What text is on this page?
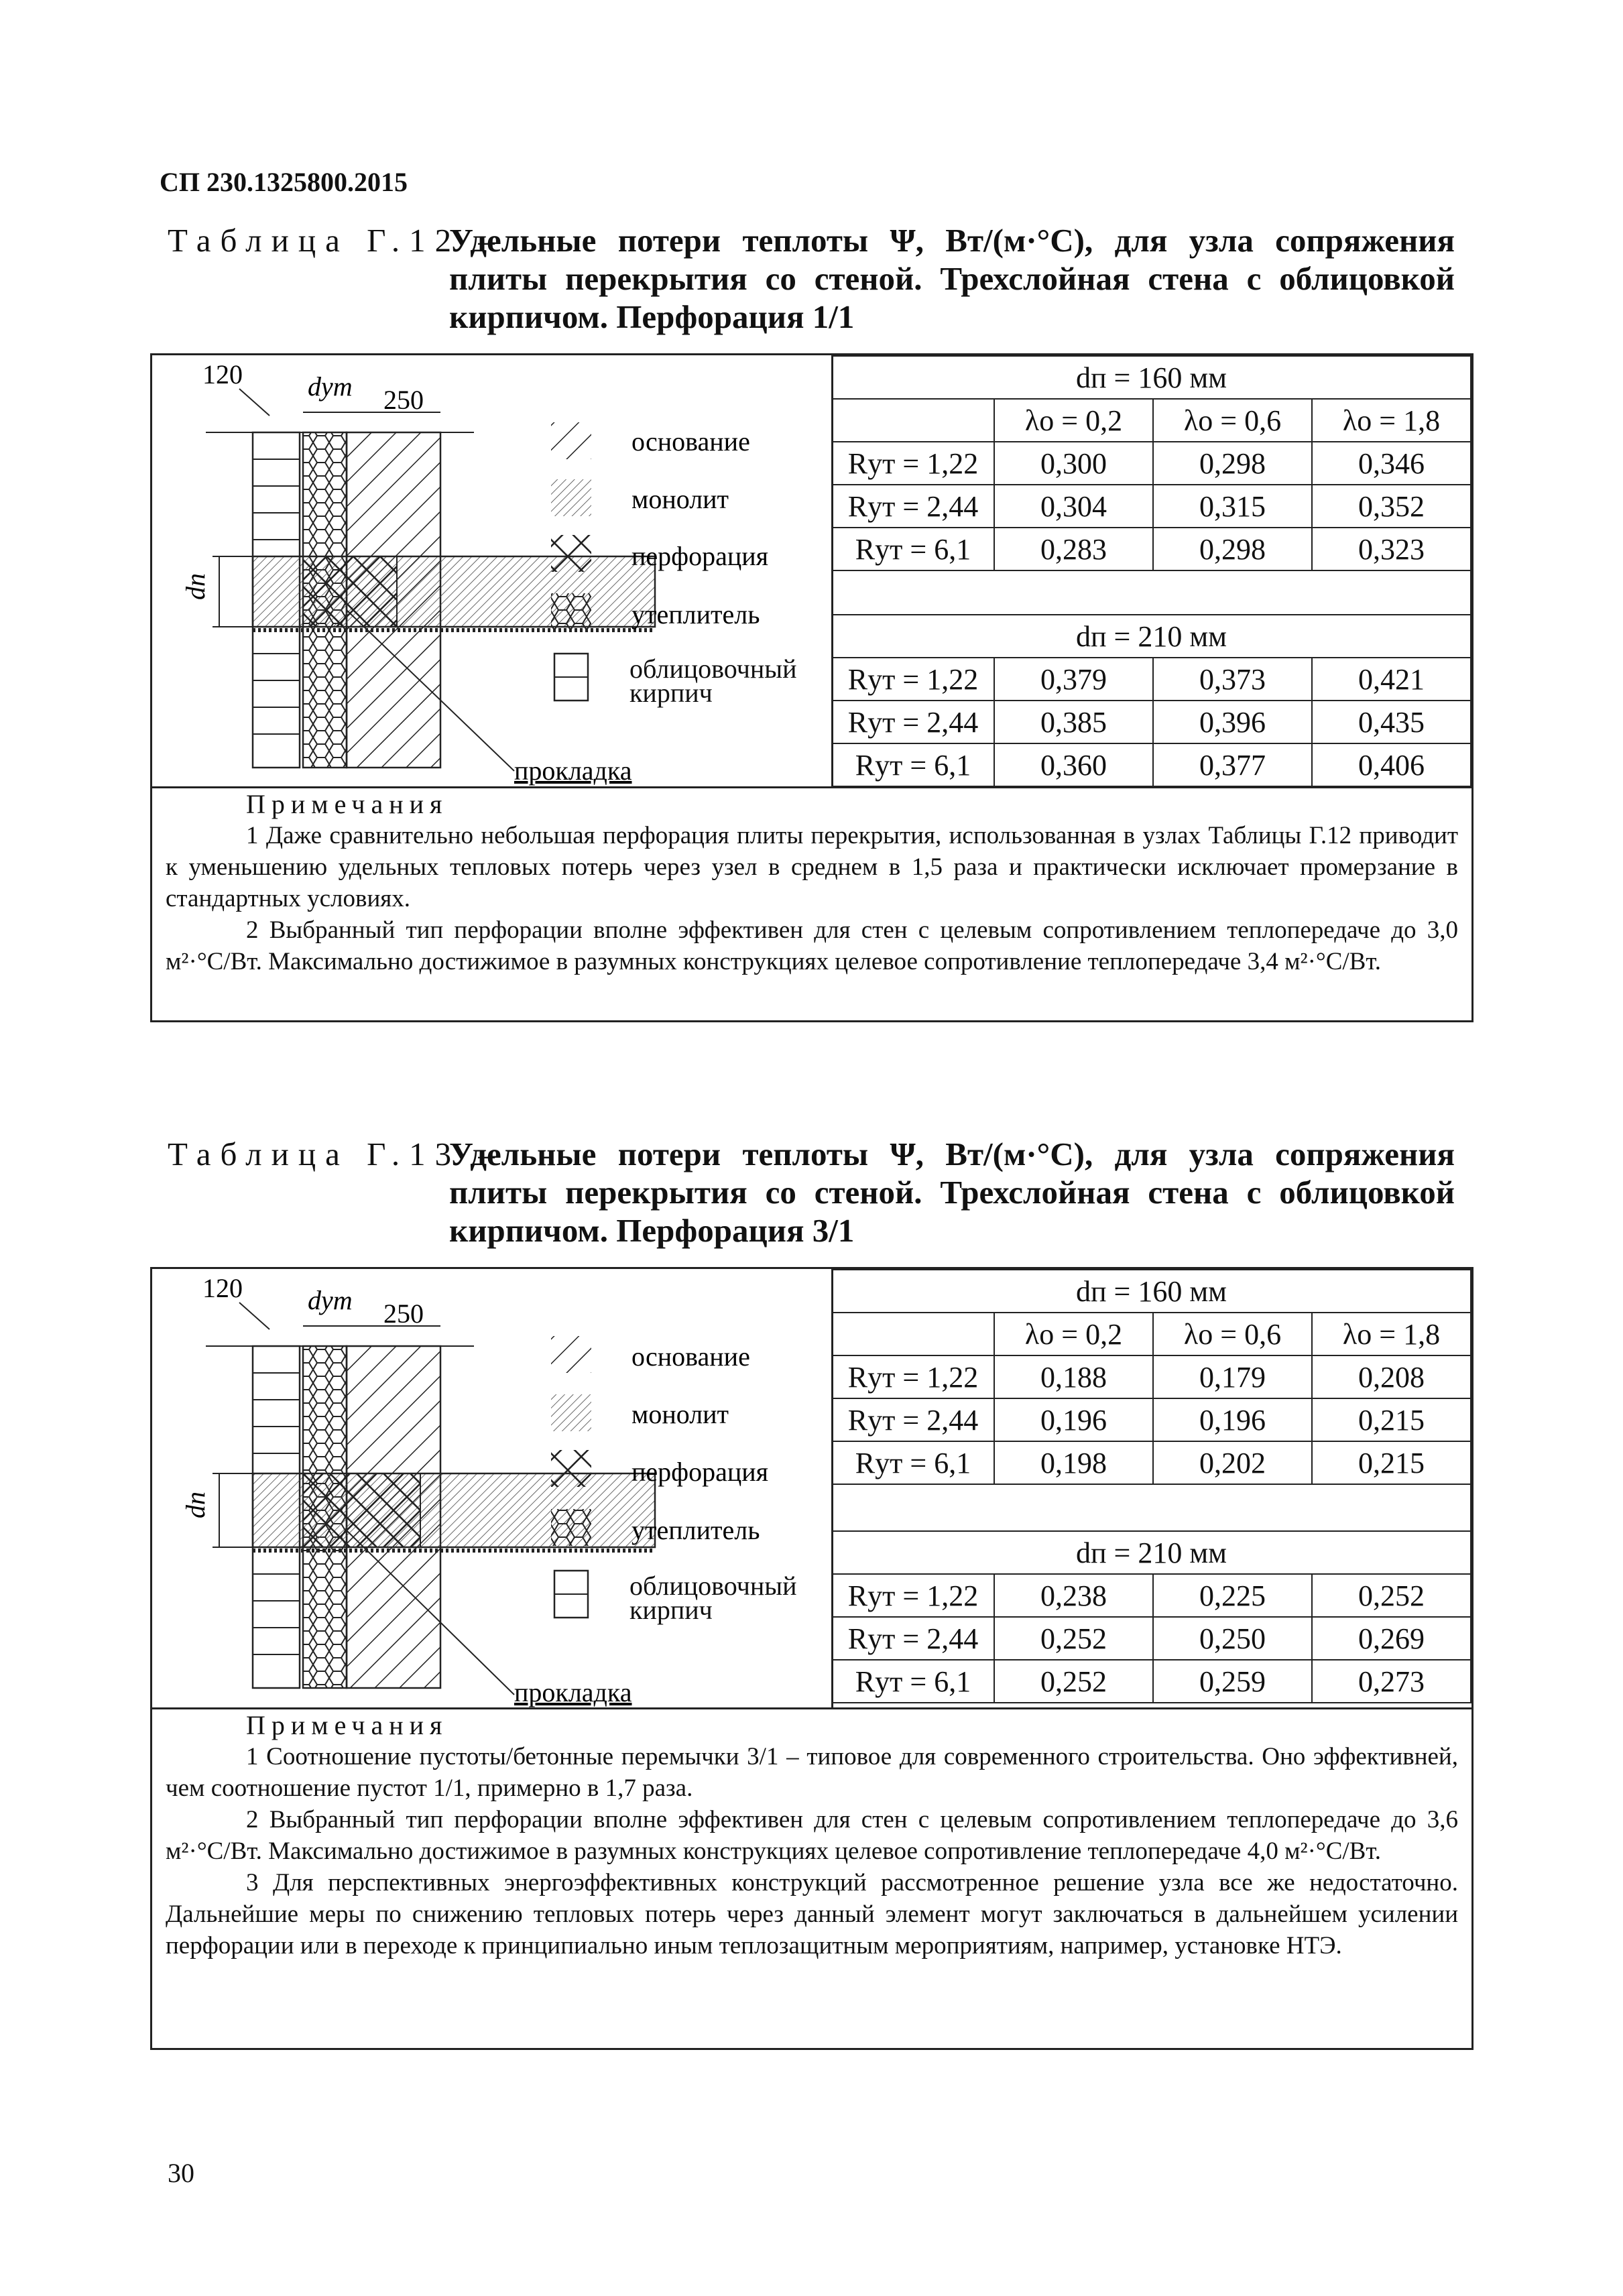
СП 230.1325800.2015
Таблица Г.12 –
Удельные потери теплоты Ψ, Вт/(м·°С), для узла сопряжения плиты перекрытия со стеной. Трехслойная стена с облицовкой кирпичом. Перфорация 1/1
120 dут 250
dп
прокладка
основание
монолит
перфорация
утеплитель
облицовочный кирпич
dп = 160 мм			
	λо = 0,2	λо = 0,6	λо = 1,8
Rут = 1,22	0,300	0,298	0,346
Rут = 2,44	0,304	0,315	0,352
Rут = 6,1	0,283	0,298	0,323

dп = 210 мм			
Rут = 1,22	0,379	0,373	0,421
Rут = 2,44	0,385	0,396	0,435
Rут = 6,1	0,360	0,377	0,406
Примечания

1 Даже сравнительно небольшая перфорация плиты перекрытия, использованная в узлах Таблицы Г.12 приводит к уменьшению удельных тепловых потерь через узел в среднем в 1,5 раза и практически исключает промерзание в стандартных условиях.

2 Выбранный тип перфорации вполне эффективен для стен с целевым сопротивлением теплопередаче до 3,0 м²·°С/Вт. Максимально достижимое в разумных конструкциях целевое сопротивление теплопередаче 3,4 м²·°С/Вт.

Таблица Г.13 –
Удельные потери теплоты Ψ, Вт/(м·°С), для узла сопряжения плиты перекрытия со стеной. Трехслойная стена с облицовкой кирпичом. Перфорация 3/1
120 dут 250
dп
прокладка
основание
монолит
перфорация
утеплитель
облицовочный кирпич
dп = 160 мм			
	λо = 0,2	λо = 0,6	λо = 1,8
Rут = 1,22	0,188	0,179	0,208
Rут = 2,44	0,196	0,196	0,215
Rут = 6,1	0,198	0,202	0,215

dп = 210 мм			
Rут = 1,22	0,238	0,225	0,252
Rут = 2,44	0,252	0,250	0,269
Rут = 6,1	0,252	0,259	0,273
Примечания

1 Соотношение пустоты/бетонные перемычки 3/1 – типовое для современного строительства. Оно эффективней, чем соотношение пустот 1/1, примерно в 1,7 раза.

2 Выбранный тип перфорации вполне эффективен для стен с целевым сопротивлением теплопередаче до 3,6 м²·°С/Вт. Максимально достижимое в разумных конструкциях целевое сопротивление теплопередаче 4,0 м²·°С/Вт.

3 Для перспективных энергоэффективных конструкций рассмотренное решение узла все же недостаточно. Дальнейшие меры по снижению тепловых потерь через данный элемент могут заключаться в дальнейшем усилении перфорации или в переходе к принципиально иным теплозащитным мероприятиям, например, установке НТЭ.

30
